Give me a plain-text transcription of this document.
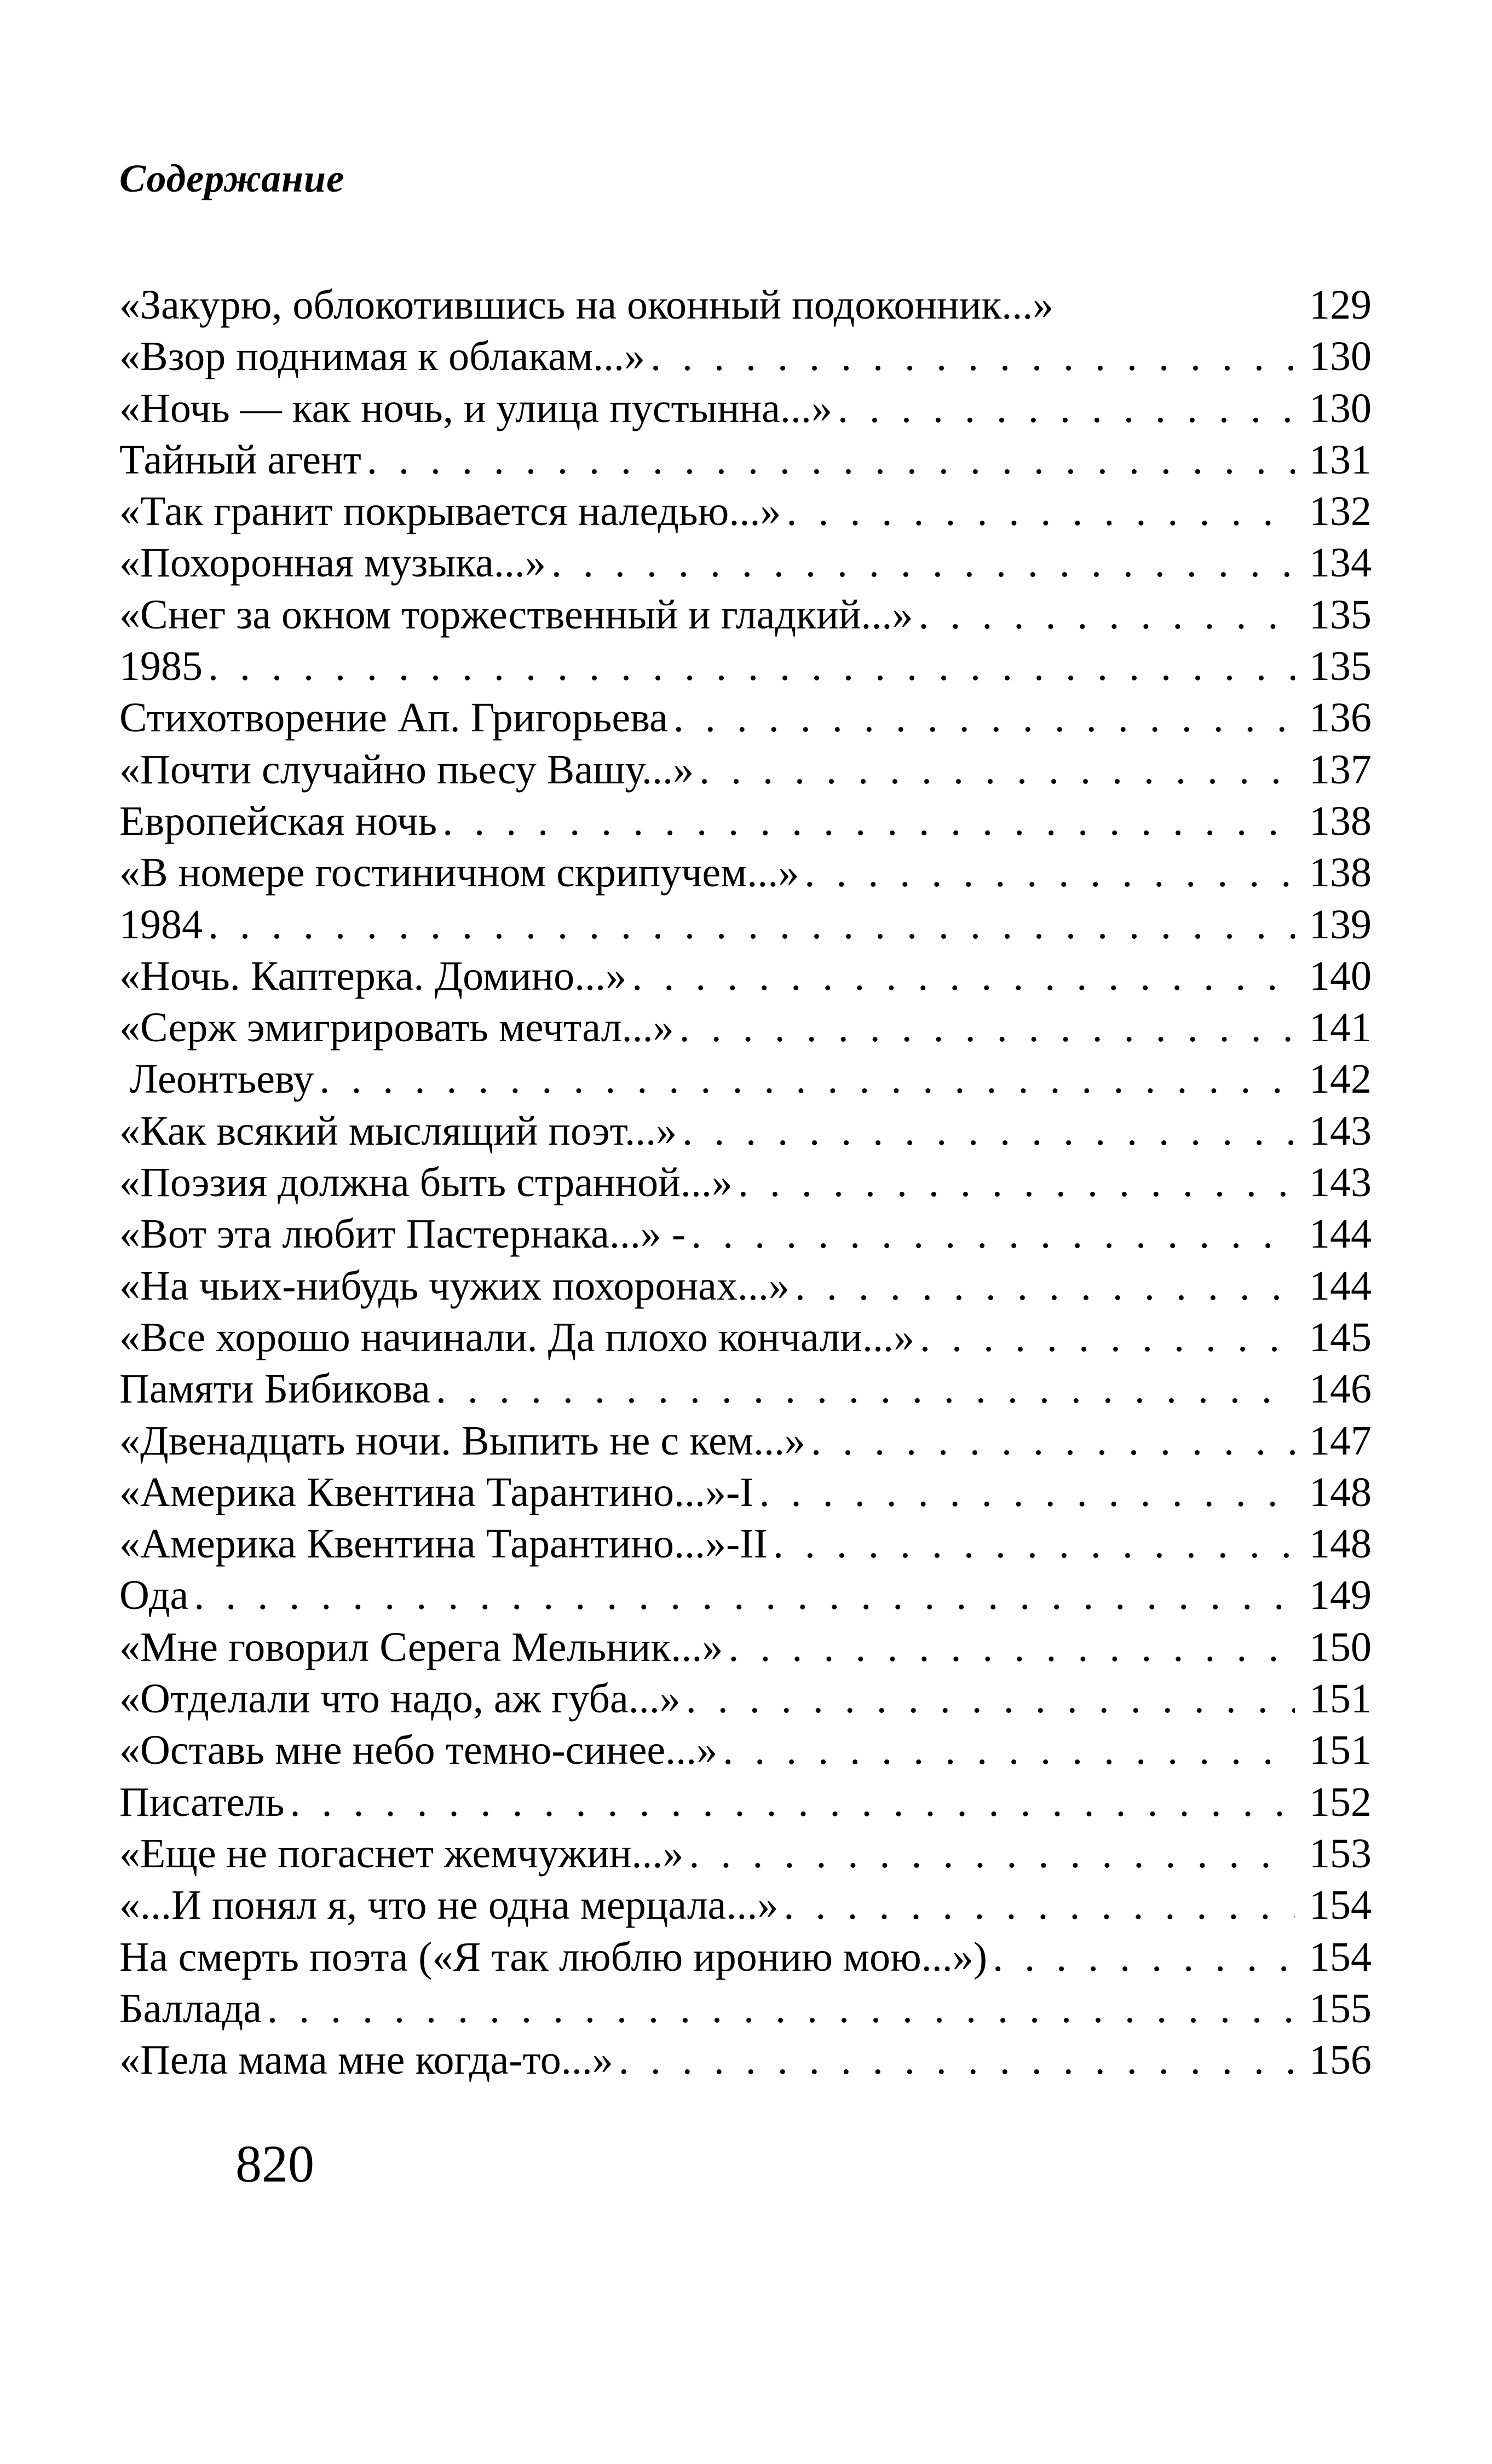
Содержание
«Закурю, облокотившись на оконный подоконник...»	129
«Взор поднимая к облакам...» . . .	130
«Ночь — как ночь, и улица пустынна...» . . .	130
Тайный агент . . .	131
«Так гранит покрывается наледью...» . . .	132
«Похоронная музыка...» . . .	134
«Снег за окном торжественный и гладкий...» . . .	135
1985 . . .	135
Стихотворение Ап. Григорьева . . .	136
«Почти случайно пьесу Вашу...» . . .	137
Европейская ночь . . .	138
«В номере гостиничном скрипучем...» . . .	138
1984 . . .	139
«Ночь. Каптерка. Домино...» . . .	140
«Серж эмигрировать мечтал...» . . .	141
Леонтьеву . . .	142
«Как всякий мыслящий поэт...» . . .	143
«Поэзия должна быть странной...» . . .	143
«Вот эта любит Пастернака...» - . . .	144
«На чьих-нибудь чужих похоронах...» . . .	144
«Все хорошо начинали. Да плохо кончали...» . . .	145
Памяти Бибикова . . .	146
«Двенадцать ночи. Выпить не с кем...» . . .	147
«Америка Квентина Тарантино...»-I . . .	148
«Америка Квентина Тарантино...»-II . . .	148
Ода . . .	149
«Мне говорил Серега Мельник...» . . .	150
«Отделали что надо, аж губа...» . . .	151
«Оставь мне небо темно-синее...» . . .	151
Писатель . . .	152
«Еще не погаснет жемчужин...» . . .	153
«...И понял я, что не одна мерцала...» . . .	154
На смерть поэта («Я так люблю иронию мою...») . . .	154
Баллада . . .	155
«Пела мама мне когда-то...» . . .	156
820
